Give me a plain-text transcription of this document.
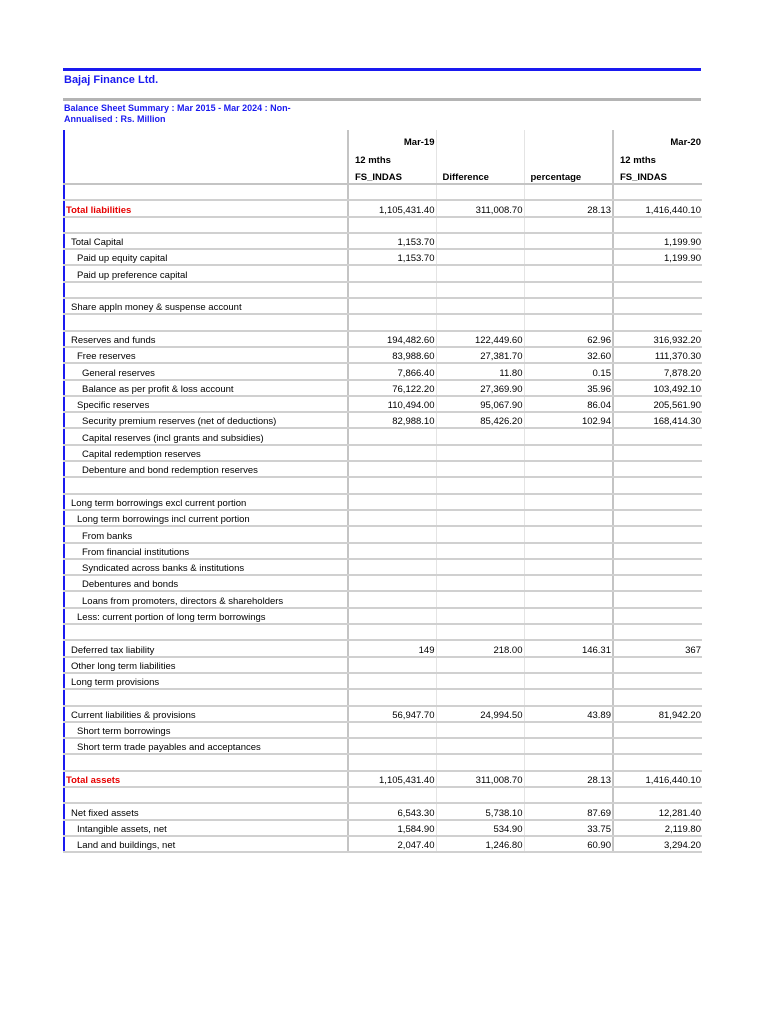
Bajaj Finance Ltd.
Balance Sheet Summary : Mar 2015 - Mar 2024 : Non-Annualised : Rs. Million
	Mar-19			Mar-20
	12 mths			12 mths
	FS_INDAS	Difference	percentage	FS_INDAS

Total liabilities	1,105,431.40	311,008.70	28.13	1,416,440.10

Total Capital	1,153.70			1,199.90
Paid up equity capital	1,153.70			1,199.90
Paid up preference capital				

Share appln money & suspense account				

Reserves and funds	194,482.60	122,449.60	62.96	316,932.20
Free reserves	83,988.60	27,381.70	32.60	111,370.30
General reserves	7,866.40	11.80	0.15	7,878.20
Balance as per profit & loss account	76,122.20	27,369.90	35.96	103,492.10
Specific reserves	110,494.00	95,067.90	86.04	205,561.90
Security premium reserves (net of deductions)	82,988.10	85,426.20	102.94	168,414.30
Capital reserves (incl grants and subsidies)				
Capital redemption reserves				
Debenture and bond redemption reserves				

Long term borrowings excl current portion				
Long term borrowings incl current portion				
From banks				
From financial institutions				
Syndicated across banks & institutions				
Debentures and bonds				
Loans from promoters, directors & shareholders				
Less: current portion of long term borrowings				

Deferred tax liability	149	218.00	146.31	367
Other long term liabilities				
Long term provisions				

Current liabilities & provisions	56,947.70	24,994.50	43.89	81,942.20
Short term borrowings				
Short term trade payables and acceptances				

Total assets	1,105,431.40	311,008.70	28.13	1,416,440.10

Net fixed assets	6,543.30	5,738.10	87.69	12,281.40
Intangible assets, net	1,584.90	534.90	33.75	2,119.80
Land and buildings, net	2,047.40	1,246.80	60.90	3,294.20
